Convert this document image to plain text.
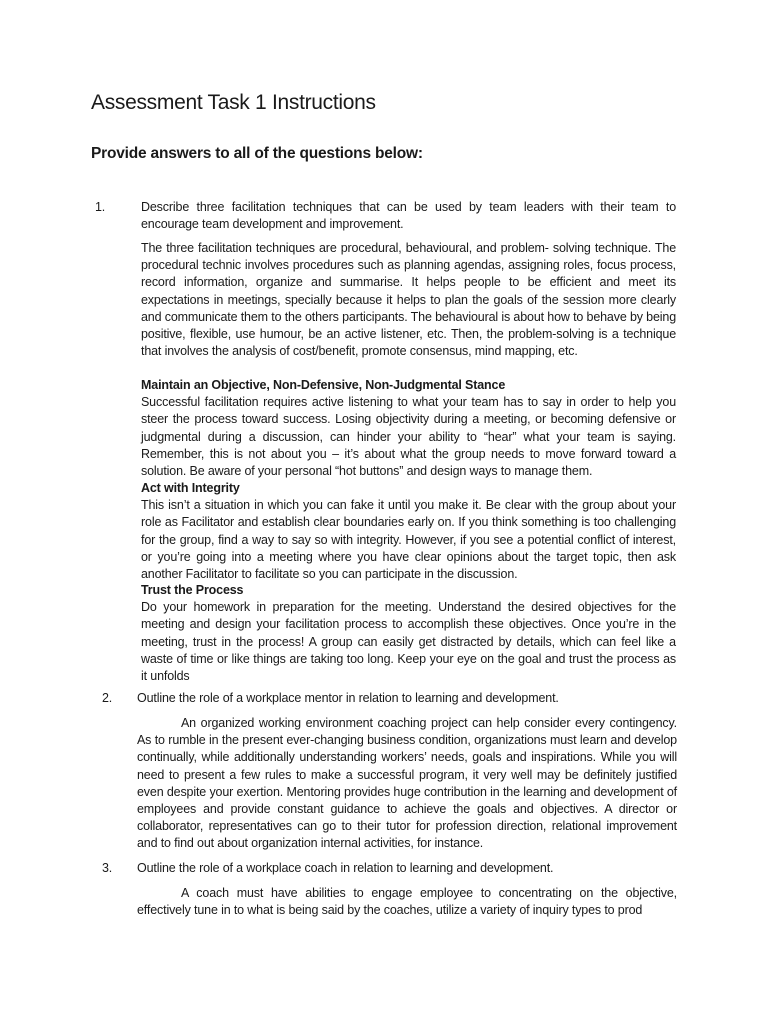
Assessment Task 1 Instructions
Provide answers to all of the questions below:
1.	Describe three facilitation techniques that can be used by team leaders with their team to encourage team development and improvement.

The three facilitation techniques are procedural, behavioural, and problem- solving technique. The procedural technic involves procedures such as planning agendas, assigning roles, focus process, record information, organize and summarise. It helps people to be efficient and meet its expectations in meetings, specially because it helps to plan the goals of the session more clearly and communicate them to the others participants. The behavioural is about how to behave by being positive, flexible, use humour, be an active listener, etc. Then, the problem-solving is a technique that involves the analysis of cost/benefit, promote consensus, mind mapping, etc.

Maintain an Objective, Non-Defensive, Non-Judgmental Stance
Successful facilitation requires active listening to what your team has to say in order to help you steer the process toward success. Losing objectivity during a meeting, or becoming defensive or judgmental during a discussion, can hinder your ability to “hear” what your team is saying. Remember, this is not about you – it’s about what the group needs to move forward toward a solution. Be aware of your personal “hot buttons” and design ways to manage them.
Act with Integrity
This isn’t a situation in which you can fake it until you make it. Be clear with the group about your role as Facilitator and establish clear boundaries early on. If you think something is too challenging for the group, find a way to say so with integrity. However, if you see a potential conflict of interest, or you’re going into a meeting where you have clear opinions about the target topic, then ask another Facilitator to facilitate so you can participate in the discussion.
Trust the Process
Do your homework in preparation for the meeting. Understand the desired objectives for the meeting and design your facilitation process to accomplish these objectives. Once you’re in the meeting, trust in the process! A group can easily get distracted by details, which can feel like a waste of time or like things are taking too long. Keep your eye on the goal and trust the process as it unfolds
2. Outline the role of a workplace mentor in relation to learning and development.

An organized working environment coaching project can help consider every contingency. As to rumble in the present ever-changing business condition, organizations must learn and develop continually, while additionally understanding workers’ needs, goals and inspirations. While you will need to present a few rules to make a successful program, it very well may be definitely justified even despite your exertion. Mentoring provides huge contribution in the learning and development of employees and provide constant guidance to achieve the goals and objectives. A director or collaborator, representatives can go to their tutor for profession direction, relational improvement and to find out about organization internal activities, for instance.

3. Outline the role of a workplace coach in relation to learning and development.

A coach must have abilities to engage employee to concentrating on the objective, effectively tune in to what is being said by the coaches, utilize a variety of inquiry types to prod
